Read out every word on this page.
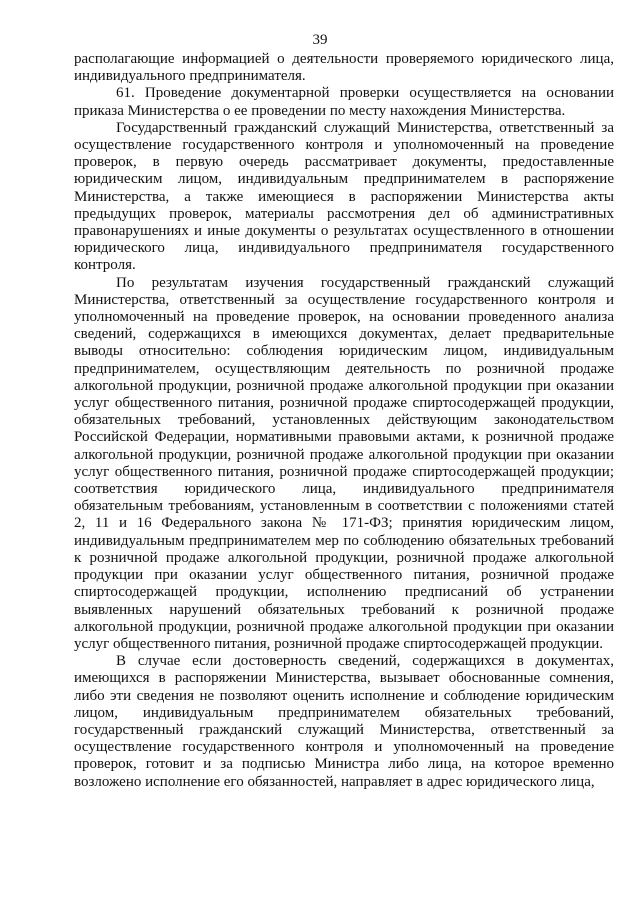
39

располагающие информацией о деятельности проверяемого юридического лица, индивидуального предпринимателя.

61. Проведение документарной проверки осуществляется на основании приказа Министерства о ее проведении по месту нахождения Министерства.

Государственный гражданский служащий Министерства, ответственный за осуществление государственного контроля и уполномоченный на проведение проверок, в первую очередь рассматривает документы, предоставленные юридическим лицом, индивидуальным предпринимателем в распоряжение Министерства, а также имеющиеся в распоряжении Министерства акты предыдущих проверок, материалы рассмотрения дел об административных правонарушениях и иные документы о результатах осуществленного в отношении юридического лица, индивидуального предпринимателя государственного контроля.

По результатам изучения государственный гражданский служащий Министерства, ответственный за осуществление государственного контроля и уполномоченный на проведение проверок, на основании проведенного анализа сведений, содержащихся в имеющихся документах, делает предварительные выводы относительно: соблюдения юридическим лицом, индивидуальным предпринимателем, осуществляющим деятельность по розничной продаже алкогольной продукции, розничной продаже алкогольной продукции при оказании услуг общественного питания, розничной продаже спиртосодержащей продукции, обязательных требований, установленных действующим законодательством Российской Федерации, нормативными правовыми актами, к розничной продаже алкогольной продукции, розничной продаже алкогольной продукции при оказании услуг общественного питания, розничной продаже спиртосодержащей продукции; соответствия юридического лица, индивидуального предпринимателя обязательным требованиям, установленным в соответствии с положениями статей 2, 11 и 16 Федерального закона № 171-ФЗ; принятия юридическим лицом, индивидуальным предпринимателем мер по соблюдению обязательных требований к розничной продаже алкогольной продукции, розничной продаже алкогольной продукции при оказании услуг общественного питания, розничной продаже спиртосодержащей продукции, исполнению предписаний об устранении выявленных нарушений обязательных требований к розничной продаже алкогольной продукции, розничной продаже алкогольной продукции при оказании услуг общественного питания, розничной продаже спиртосодержащей продукции.

В случае если достоверность сведений, содержащихся в документах, имеющихся в распоряжении Министерства, вызывает обоснованные сомнения, либо эти сведения не позволяют оценить исполнение и соблюдение юридическим лицом, индивидуальным предпринимателем обязательных требований, государственный гражданский служащий Министерства, ответственный за осуществление государственного контроля и уполномоченный на проведение проверок, готовит и за подписью Министра либо лица, на которое временно возложено исполнение его обязанностей, направляет в адрес юридического лица,
